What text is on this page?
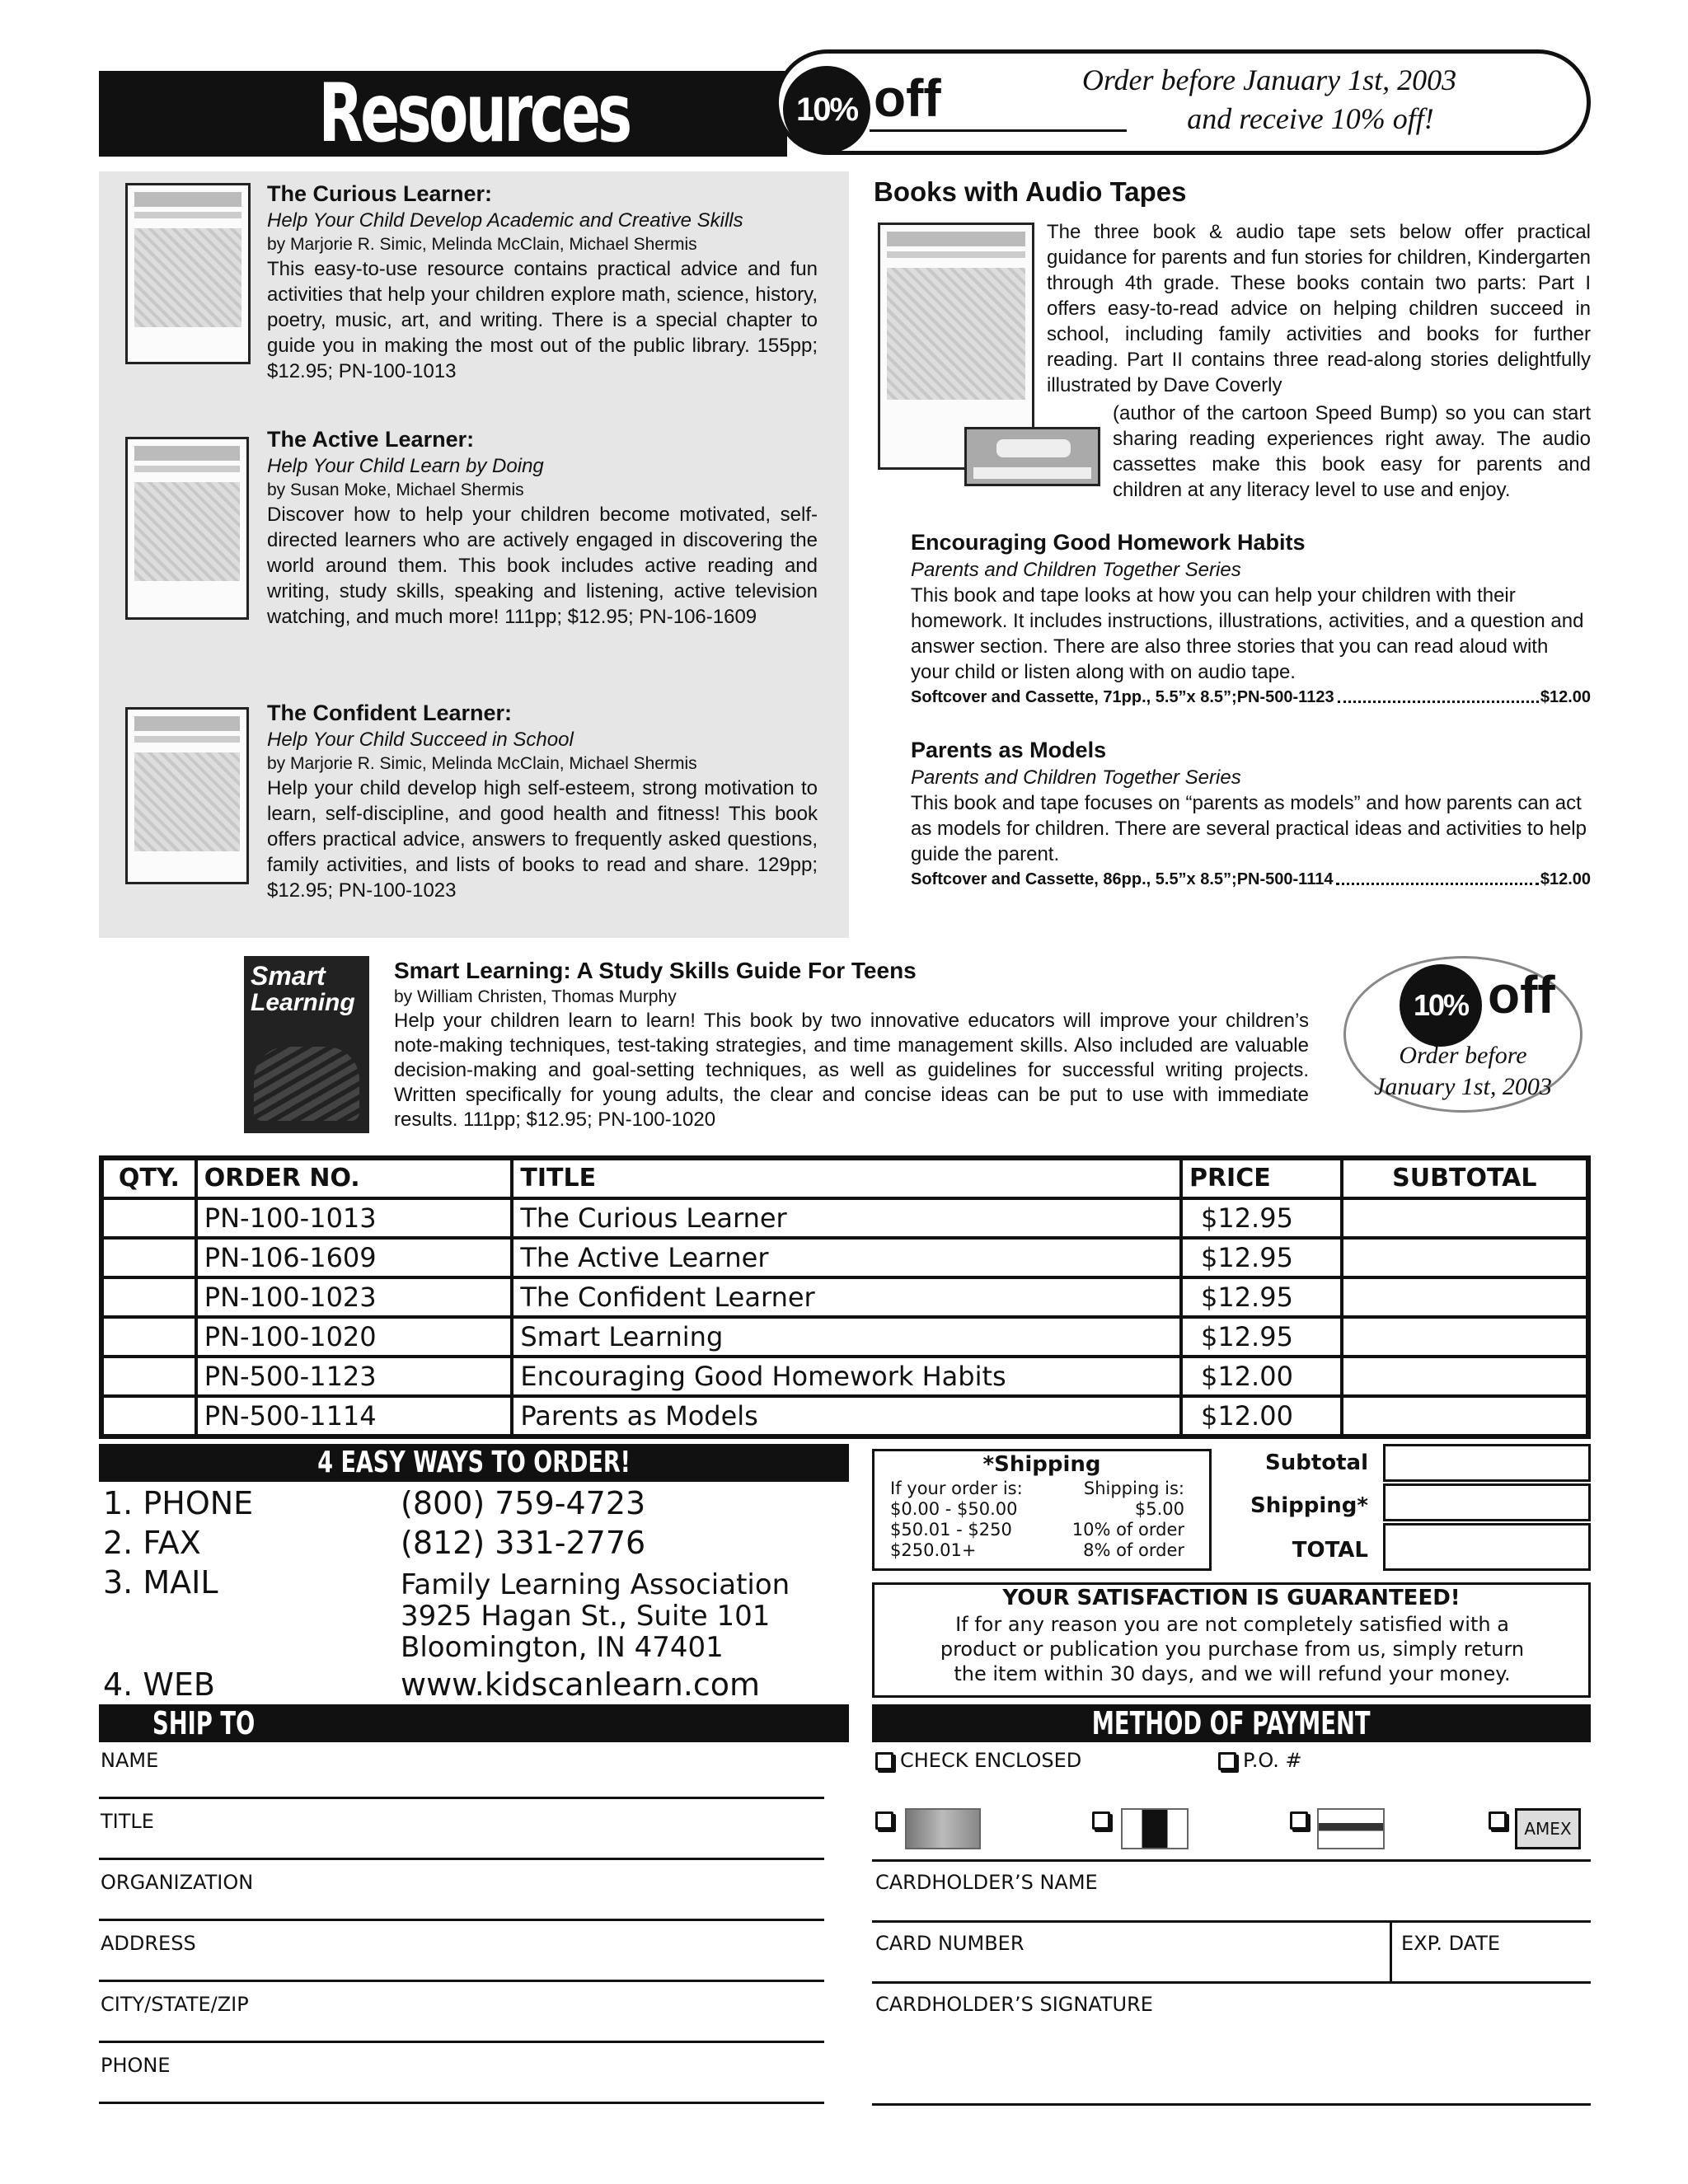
Resources	10% off	Order before January 1st, 2003
and receive 10% off!
The Curious Learner:
Help Your Child Develop Academic and Creative Skills
by Marjorie R. Simic, Melinda McClain, Michael Shermis
This easy-to-use resource contains practical advice and fun activities that help your children explore math, science, history, poetry, music, art, and writing. There is a special chapter to guide you in making the most out of the public library. 155pp; $12.95; PN-100-1013
The Active Learner:
Help Your Child Learn by Doing
by Susan Moke, Michael Shermis
Discover how to help your children become motivated, self-directed learners who are actively engaged in discovering the world around them. This book includes active reading and writing, study skills, speaking and listening, active television watching, and much more! 111pp; $12.95; PN-106-1609
The Confident Learner:
Help Your Child Succeed in School
by Marjorie R. Simic, Melinda McClain, Michael Shermis
Help your child develop high self-esteem, strong motivation to learn, self-discipline, and good health and fitness! This book offers practical advice, answers to frequently asked questions, family activities, and lists of books to read and share. 129pp; $12.95; PN-100-1023
Books with Audio Tapes
The three book & audio tape sets below offer practical guidance for parents and fun stories for children, Kindergarten through 4th grade. These books contain two parts: Part I offers easy-to-read advice on helping children succeed in school, including family activities and books for further reading. Part II contains three read-along stories delightfully illustrated by Dave Coverly
(author of the cartoon Speed Bump) so you can start sharing reading experiences right away. The audio cassettes make this book easy for parents and children at any literacy level to use and enjoy.
Encouraging Good Homework Habits
Parents and Children Together Series
This book and tape looks at how you can help your children with their homework. It includes instructions, illustrations, activities, and a question and answer section. There are also three stories that you can read aloud with your child or listen along with on audio tape.
Softcover and Cassette, 71pp., 5.5”x 8.5”;PN-500-1123	$12.00
Parents as Models
Parents and Children Together Series
This book and tape focuses on “parents as models” and how parents can act as models for children. There are several practical ideas and activities to help guide the parent.
Softcover and Cassette, 86pp., 5.5”x 8.5”;PN-500-1114	$12.00
Smart
Learning
Smart Learning: A Study Skills Guide For Teens
by William Christen, Thomas Murphy
Help your children learn to learn! This book by two innovative educators will improve your children’s note-making techniques, test-taking strategies, and time management skills. Also included are valuable decision-making and goal-setting techniques, as well as guidelines for successful writing projects. Written specifically for young adults, the clear and concise ideas can be put to use with immediate results. 111pp; $12.95; PN-100-1020
10% off
Order before
January 1st, 2003
QTY.	ORDER NO.	TITLE	PRICE	SUBTOTAL
	PN-100-1013	The Curious Learner	$12.95	
	PN-106-1609	The Active Learner	$12.95	
	PN-100-1023	The Confident Learner	$12.95	
	PN-100-1020	Smart Learning	$12.95	
	PN-500-1123	Encouraging Good Homework Habits	$12.00	
	PN-500-1114	Parents as Models	$12.00	
4 EASY WAYS TO ORDER!
1. PHONE	(800) 759-4723
2. FAX	(812) 331-2776
3. MAIL	Family Learning Association
3925 Hagan St., Suite 101
Bloomington, IN 47401
4. WEB	www.kidscanlearn.com
*Shipping
If your order is:	Shipping is:
$0.00 - $50.00	$5.00
$50.01 - $250	10% of order
$250.01+	8% of order
Subtotal
Shipping*
TOTAL
YOUR SATISFACTION IS GUARANTEED!
If for any reason you are not completely satisfied with a product or publication you purchase from us, simply return the item within 30 days, and we will refund your money.
SHIP TO
NAME
TITLE
ORGANIZATION
ADDRESS
CITY/STATE/ZIP
PHONE
METHOD OF PAYMENT
CHECK ENCLOSED	P.O. #
AMEX
CARDHOLDER’S NAME
CARD NUMBER	EXP. DATE
CARDHOLDER’S SIGNATURE
